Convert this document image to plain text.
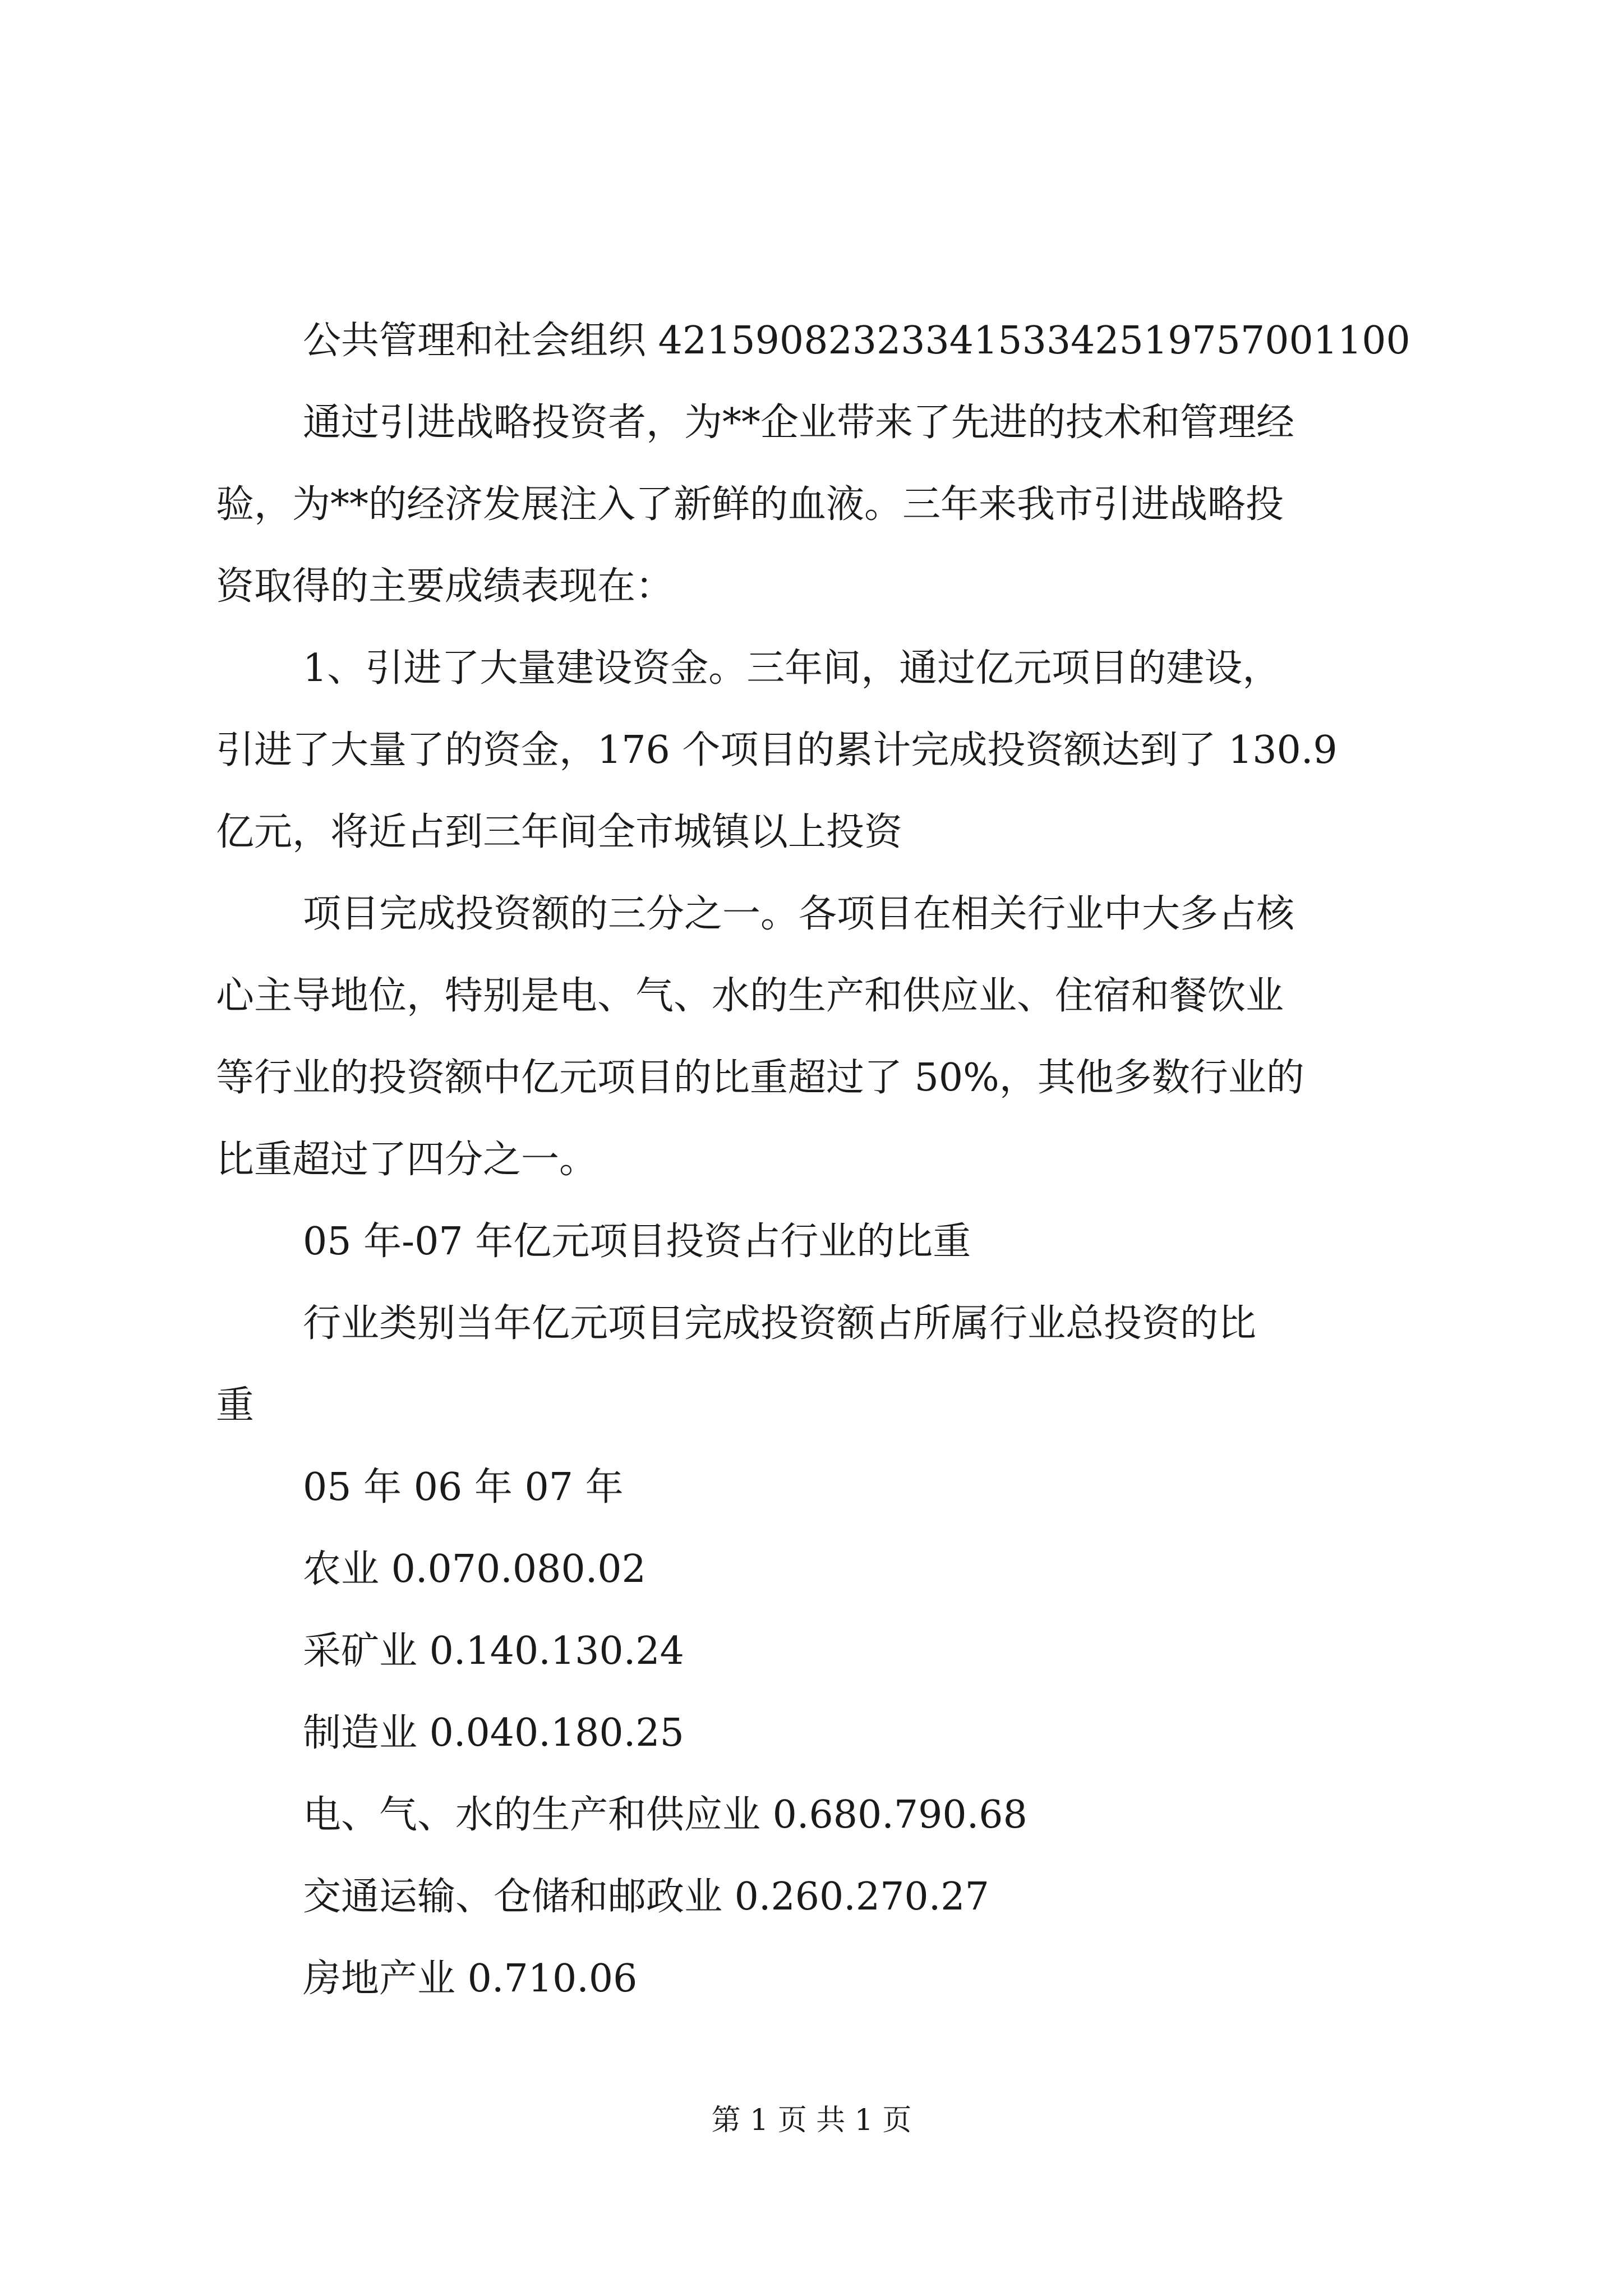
公共管理和社会组织 4215908232334153342519757001100

通过引进战略投资者，为**企业带来了先进的技术和管理经

验，为**的经济发展注入了新鲜的血液。三年来我市引进战略投

资取得的主要成绩表现在：

1、引进了大量建设资金。三年间，通过亿元项目的建设，

引进了大量了的资金，176 个项目的累计完成投资额达到了 130.9

亿元，将近占到三年间全市城镇以上投资

项目完成投资额的三分之一。各项目在相关行业中大多占核

心主导地位，特别是电、气、水的生产和供应业、住宿和餐饮业

等行业的投资额中亿元项目的比重超过了 50%，其他多数行业的

比重超过了四分之一。

05 年-07 年亿元项目投资占行业的比重

行业类别当年亿元项目完成投资额占所属行业总投资的比

重

05 年 06 年 07 年

农业 0.070.080.02

采矿业 0.140.130.24

制造业 0.040.180.25

电、气、水的生产和供应业 0.680.790.68

交通运输、仓储和邮政业 0.260.270.27

房地产业 0.710.06

第 1 页 共 1 页
